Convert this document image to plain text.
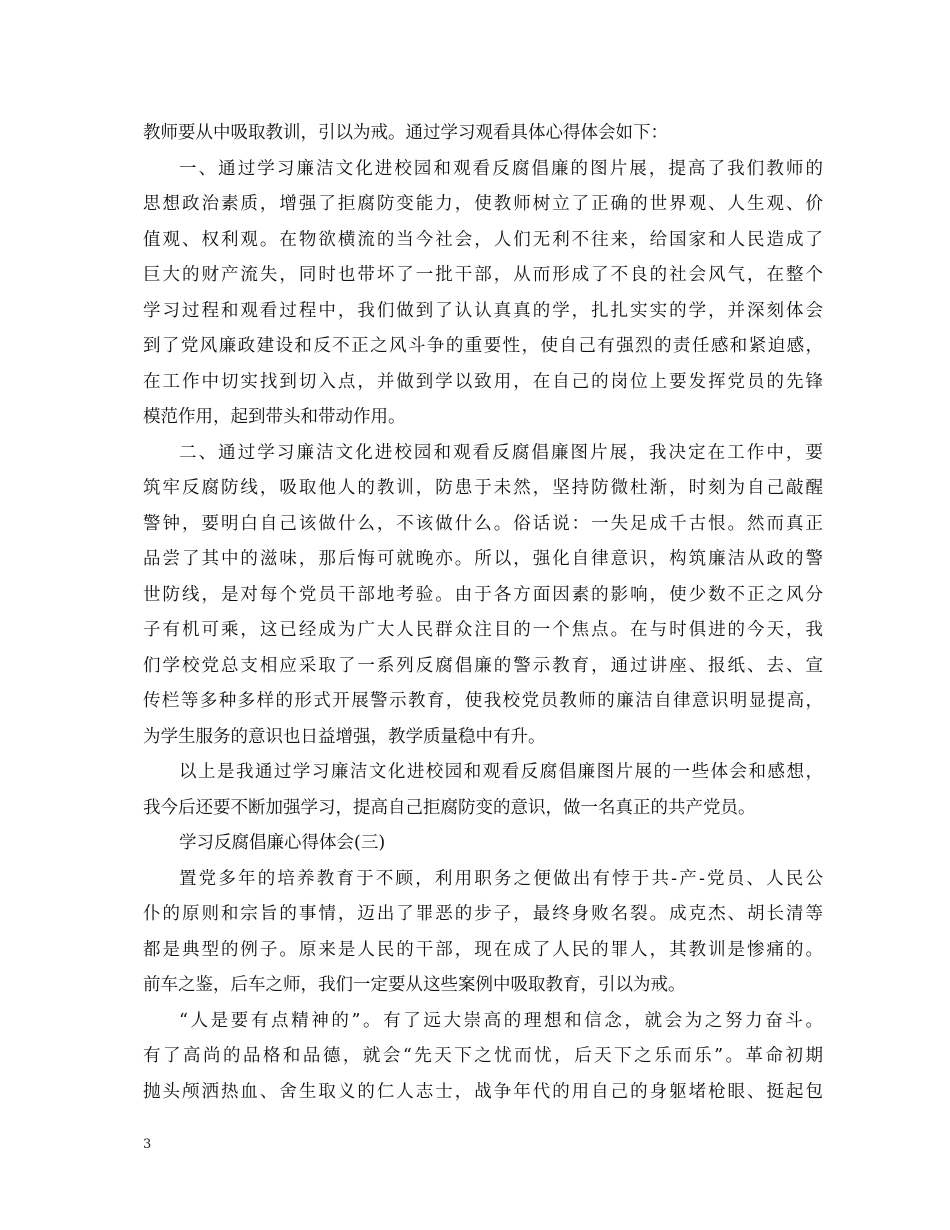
教师要从中吸取教训，引以为戒。通过学习观看具体心得体会如下：
一、通过学习廉洁文化进校园和观看反腐倡廉的图片展，提高了我们教师的
思想政治素质，增强了拒腐防变能力，使教师树立了正确的世界观、人生观、价
值观、权利观。在物欲横流的当今社会，人们无利不往来，给国家和人民造成了
巨大的财产流失，同时也带坏了一批干部，从而形成了不良的社会风气，在整个
学习过程和观看过程中，我们做到了认认真真的学，扎扎实实的学，并深刻体会
到了党风廉政建设和反不正之风斗争的重要性，使自己有强烈的责任感和紧迫感，
在工作中切实找到切入点，并做到学以致用，在自己的岗位上要发挥党员的先锋
模范作用，起到带头和带动作用。
二、通过学习廉洁文化进校园和观看反腐倡廉图片展，我决定在工作中，要
筑牢反腐防线，吸取他人的教训，防患于未然，坚持防微杜渐，时刻为自己敲醒
警钟，要明白自己该做什么，不该做什么。俗话说：一失足成千古恨。然而真正
品尝了其中的滋味，那后悔可就晚亦。所以，强化自律意识，构筑廉洁从政的警
世防线，是对每个党员干部地考验。由于各方面因素的影响，使少数不正之风分
子有机可乘，这已经成为广大人民群众注目的一个焦点。在与时俱进的今天，我
们学校党总支相应采取了一系列反腐倡廉的警示教育，通过讲座、报纸、去、宣
传栏等多种多样的形式开展警示教育，使我校党员教师的廉洁自律意识明显提高，
为学生服务的意识也日益增强，教学质量稳中有升。
以上是我通过学习廉洁文化进校园和观看反腐倡廉图片展的一些体会和感想，
我今后还要不断加强学习，提高自己拒腐防变的意识，做一名真正的共产党员。
学习反腐倡廉心得体会(三)
置党多年的培养教育于不顾，利用职务之便做出有悖于共-产-党员、人民公
仆的原则和宗旨的事情，迈出了罪恶的步子，最终身败名裂。成克杰、胡长清等
都是典型的例子。原来是人民的干部，现在成了人民的罪人，其教训是惨痛的。
前车之鉴，后车之师，我们一定要从这些案例中吸取教育，引以为戒。
“人是要有点精神的”。有了远大崇高的理想和信念，就会为之努力奋斗。
有了高尚的品格和品德，就会“先天下之忧而忧，后天下之乐而乐”。革命初期
抛头颅洒热血、舍生取义的仁人志士，战争年代的用自己的身躯堵枪眼、挺起包
3
